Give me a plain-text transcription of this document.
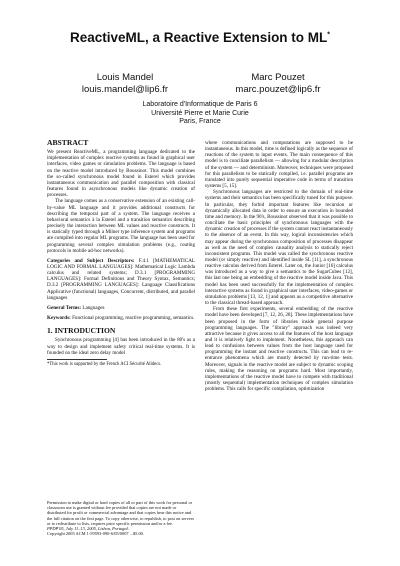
ReactiveML, a Reactive Extension to ML*
Louis Mandel
louis.mandel@lip6.fr
Marc Pouzet
marc.pouzet@lip6.fr
Laboratoire d'Informatique de Paris 6
Université Pierre et Marie Curie
Paris, France
ABSTRACT

We present ReactiveML, a programming language dedicated to the implementation of complex reactive systems as found in graphical user interfaces, video games or simulation problems. The language is based on the reactive model introduced by Boussinot. This model combines the so-called synchronous model found in Esterel which provides instantaneous communication and parallel composition with classical features found in asynchronous models like dynamic creation of processes.

The language comes as a conservative extension of an existing call-by-value ML language and it provides additional constructs for describing the temporal part of a system. The language receives a behavioral semantics à la Esterel and a transition semantics describing precisely the interaction between ML values and reactive constructs. It is statically typed through a Milner type inference system and programs are compiled into regular ML programs. The language has been used for programming several complex simulation problems (e.g., routing protocols in mobile ad-hoc networks).

Categories and Subject Descriptors: F.4.1 [MATHEMATICAL LOGIC AND FORMAL LANGUAGES]: Mathematical Logic Lambda calculus and related systems; D.3.1 [PROGRAMMING LANGUAGES]: Formal Definitions and Theory Syntax, Semantics; D.3.2 [PROGRAMMING LANGUAGES]: Language Classifications Applicative (functional) languages, Concurrent, distributed, and parallel languages

General Terms: Languages

Keywords: Functional programming, reactive programming, semantics.

1. INTRODUCTION

Synchronous programming [4] has been introduced in the 80's as a way to design and implement safety critical real-time systems. It is founded on the ideal zero delay model

*This work is supported by the French ACI Sécurité Alidecs.

Permission to make digital or hard copies of all or part of this work for personal or classroom use is granted without fee provided that copies are not made or distributed for profit or commercial advantage and that copies bear this notice and the full citation on the first page. To copy otherwise, to republish, to post on servers or to redistribute to lists, requires prior specific permission and/or a fee.

PPDP'05, July 11–13, 2005, Lisbon, Portugal.

Copyright 2005 ACM 1-59593-090-6/05/0007 ...$5.00.

where communications and computations are supposed to be instantaneous. In this model, time is defined logically as the sequence of reactions of the system to input events. The main consequence of this model is to conciliate parallelism — allowing for a modular description of the system — and determinism. Moreover, techniques were proposed for this parallelism to be statically compiled, i.e. parallel programs are translated into purely sequential imperative code in terms of transition systems [5, 15].

Synchronous languages are restricted to the domain of real-time systems and their semantics has been specifically tuned for this purpose. In particular, they forbid important features like recursion or dynamically allocated data in order to ensure an execution in bounded time and memory. In the 90's, Boussinot observed that it was possible to conciliate the basic principles of synchronous languages with the dynamic creation of processes if the system cannot react instantaneously to the absence of an event. In this way, logical inconsistencies which may appear during the synchronous composition of processes disappear as well as the need of complex causality analysis to statically reject inconsistent programs. This model was called the synchronous reactive model (or simply reactive) and identified inside SL [11], a synchronous reactive calculus derived from Esterel. Later on, the Junior [16] calculus was introduced as a way to give a semantics to the SugarCubes [12], this last one being an embedding of the reactive model inside Java. This model has been used successfully for the implementation of complex interactive systems as found in graphical user interfaces, video-games or simulation problems [13, 12, 1] and appears as a competitive alternative to the classical thread-based approach.

From these first experiments, several embedding of the reactive model have been developed [7, 12, 26, 28]. These implementations have been proposed in the form of libraries inside general purpose programming languages. The "library" approach was indeed very attractive because it gives access to all the features of the host language and it is relatively light to implement. Nonetheless, this approach can lead to confusions between values from the host language used for programming the instant and reactive constructs. This can lead to re-entrance phenomena which are mostly detected by run-time tests. Moreover, signals in the reactive model are subject to dynamic scoping rules, making the reasoning on programs hard. Most importantly, implementations of the reactive model have to compete with traditional (mostly sequential) implementation techniques of complex simulation problems. This calls for specific compilation, optimization
